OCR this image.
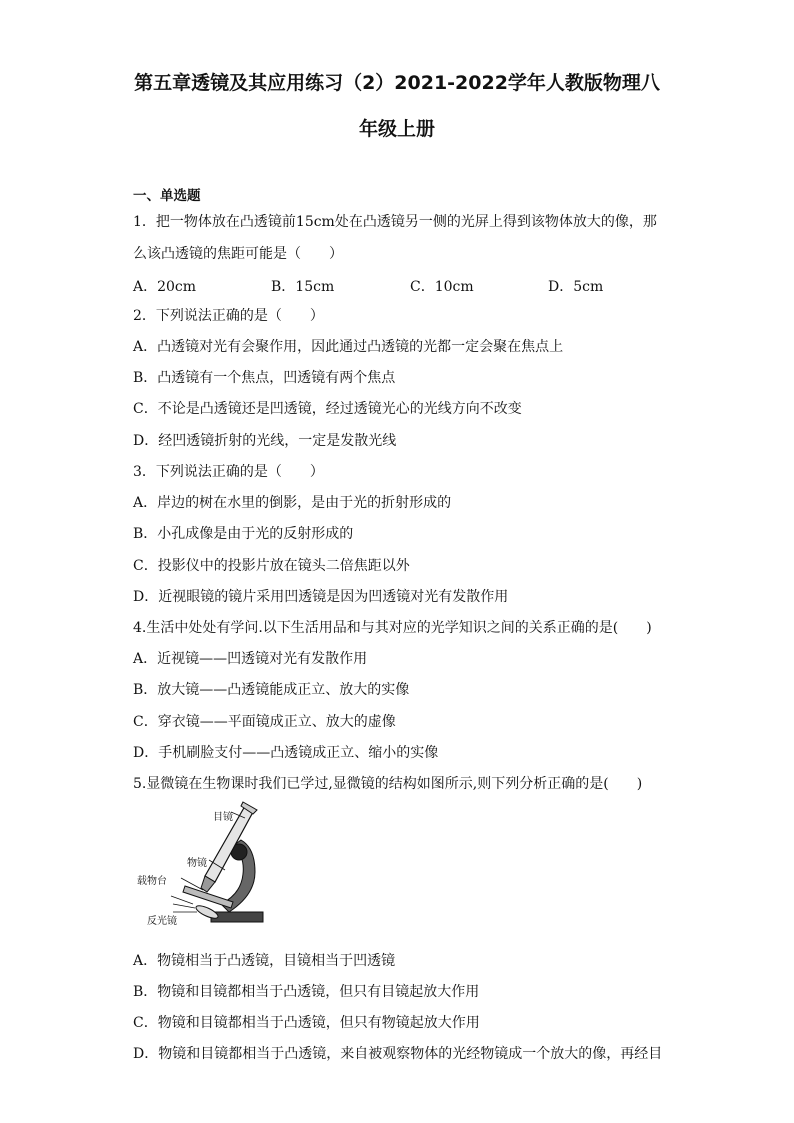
第五章透镜及其应用练习（2）2021-2022学年人教版物理八
年级上册
一、单选题
1．把一物体放在凸透镜前15cm处在凸透镜另一侧的光屏上得到该物体放大的像，那
么该凸透镜的焦距可能是（　　）
A．20cm	B．15cm	C．10cm	D．5cm
2．下列说法正确的是（　　）
A．凸透镜对光有会聚作用，因此通过凸透镜的光都一定会聚在焦点上
B．凸透镜有一个焦点，凹透镜有两个焦点
C．不论是凸透镜还是凹透镜，经过透镜光心的光线方向不改变
D．经凹透镜折射的光线，一定是发散光线
3．下列说法正确的是（　　）
A．岸边的树在水里的倒影，是由于光的折射形成的
B．小孔成像是由于光的反射形成的
C．投影仪中的投影片放在镜头二倍焦距以外
D．近视眼镜的镜片采用凹透镜是因为凹透镜对光有发散作用
4.生活中处处有学问.以下生活用品和与其对应的光学知识之间的关系正确的是(　　)
A．近视镜——凹透镜对光有发散作用
B．放大镜——凸透镜能成正立、放大的实像
C．穿衣镜——平面镜成正立、放大的虚像
D．手机刷脸支付——凸透镜成正立、缩小的实像
5.显微镜在生物课时我们已学过,显微镜的结构如图所示,则下列分析正确的是(　　)
目镜
物镜
载物台
反光镜
A．物镜相当于凸透镜，目镜相当于凹透镜
B．物镜和目镜都相当于凸透镜，但只有目镜起放大作用
C．物镜和目镜都相当于凸透镜，但只有物镜起放大作用
D．物镜和目镜都相当于凸透镜，来自被观察物体的光经物镜成一个放大的像，再经目
